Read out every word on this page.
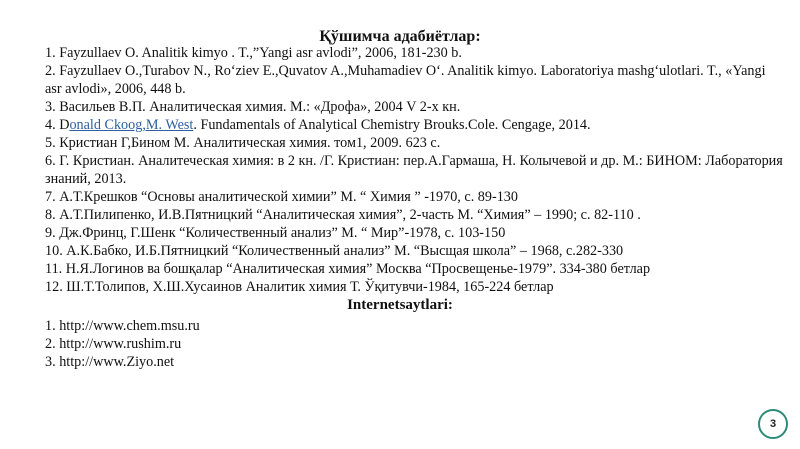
Қўшимча адабиётлар:
1. Fayzullaev O. Analitik kimyo . T.,”Yangi asr avlodi”, 2006, 181-230 b.
2. Fayzullaev O.,Turabov N., Ro‘ziev E.,Quvatov A.,Muhamadiev O‘. Analitik kimyo. Laboratoriya mashg‘ulotlari. T., «Yangi asr avlodi», 2006, 448 b.
3. Васильев В.П. Аналитическая химия. М.: «Дрофа», 2004 V 2-х кн.
4. Donald Ckoog,M. West. Fundamentals of Analytical Chemistry Brouks.Cole. Cengage, 2014.
5. Кристиан Г,Бином М. Аналитическая химия. том1, 2009. 623 с.
6. Г. Кристиан. Аналитеческая химия: в 2 кн. /Г. Кристиан: пер.А.Гармаша, Н. Колычевой и др. М.: БИНОМ: Лаборатория знаний, 2013.
7. А.Т.Крешков “Основы аналитической химии” М. “ Химия ” -1970, с. 89-130
8. А.Т.Пилипенко, И.В.Пятницкий “Аналитическая химия”, 2-часть М. “Химия” – 1990; с. 82-110 .
9. Дж.Фринц, Г.Шенк “Количественный анализ” М. “ Мир”-1978, с. 103-150
10. А.К.Бабко, И.Б.Пятницкий “Количественный анализ” М. “Высщая школа” – 1968, с.282-330
11. Н.Я.Логинов ва бошқалар “Аналитическая химия” Москва “Просвещенье-1979”. 334-380 бетлар
12. Ш.Т.Толипов, Х.Ш.Хусаинов Аналитик химия Т. Ўқитувчи-1984, 165-224 бетлар
Internetsaytlari:
1. http://www.chem.msu.ru
2. http://www.rushim.ru
3. http://www.Ziyo.net
3
